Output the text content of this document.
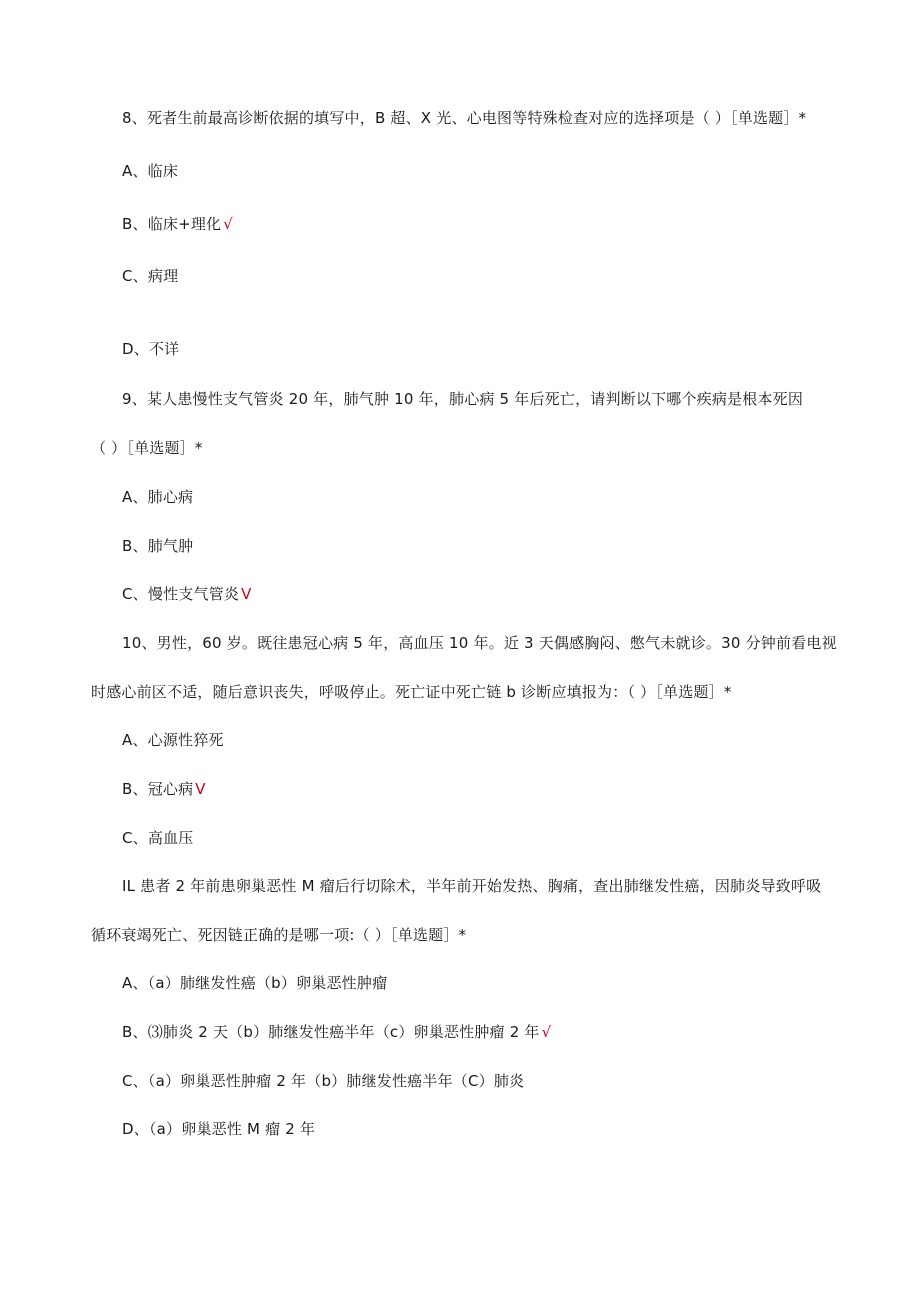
8、死者生前最高诊断依据的填写中，B 超、X 光、心电图等特殊检查对应的选择项是（ ）［单选题］*
A、临床
B、临床+理化 √
C、病理
D、不详
9、某人患慢性支气管炎 20 年，肺气肿 10 年，肺心病 5 年后死亡，请判断以下哪个疾病是根本死因
（ ）［单选题］*
A、肺心病
B、肺气肿
C、慢性支气管炎 V
10、男性，60 岁。既往患冠心病 5 年，高血压 10 年。近 3 天偶感胸闷、憋气未就诊。30 分钟前看电视
时感心前区不适，随后意识丧失，呼吸停止。死亡证中死亡链 b 诊断应填报为：（ ）［单选题］*
A、心源性猝死
B、冠心病 V
C、高血压
IL 患者 2 年前患卵巢恶性 M 瘤后行切除术，半年前开始发热、胸痛，查出肺继发性癌，因肺炎导致呼吸
循环衰竭死亡、死因链正确的是哪一项:（ ）［单选题］*
A、（a）肺继发性癌（b）卵巢恶性肿瘤
B、⑶肺炎 2 天（b）肺继发性癌半年（c）卵巢恶性肿瘤 2 年 √
C、（a）卵巢恶性肿瘤 2 年（b）肺继发性癌半年（C）肺炎
D、（a）卵巢恶性 M 瘤 2 年
